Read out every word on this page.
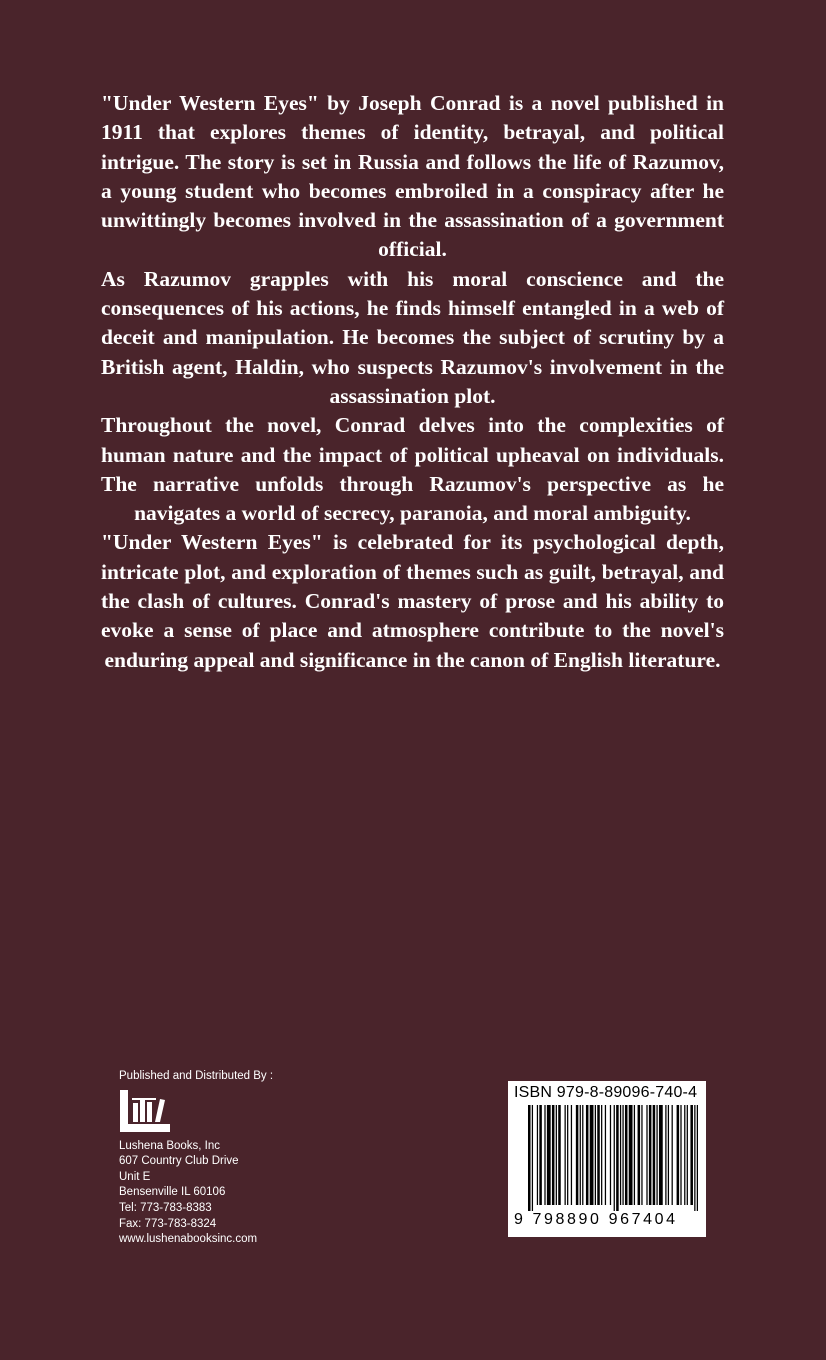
"Under Western Eyes" by Joseph Conrad is a novel published in 1911 that explores themes of identity, betrayal, and political intrigue. The story is set in Russia and follows the life of Razumov, a young student who becomes embroiled in a conspiracy after he unwittingly becomes involved in the assassination of a government official.

As Razumov grapples with his moral conscience and the consequences of his actions, he finds himself entangled in a web of deceit and manipulation. He becomes the subject of scrutiny by a British agent, Haldin, who suspects Razumov's involvement in the assassination plot.

Throughout the novel, Conrad delves into the complexities of human nature and the impact of political upheaval on individuals. The narrative unfolds through Razumov's perspective as he navigates a world of secrecy, paranoia, and moral ambiguity.

"Under Western Eyes" is celebrated for its psychological depth, intricate plot, and exploration of themes such as guilt, betrayal, and the clash of cultures. Conrad's mastery of prose and his ability to evoke a sense of place and atmosphere contribute to the novel's enduring appeal and significance in the canon of English literature.

Published and Distributed By :
Lushena Books, Inc
607 Country Club Drive
Unit E
Bensenville IL 60106
Tel: 773-783-8383
Fax: 773-783-8324
www.lushenabooksinc.com
ISBN 979-8-89096-740-4
9 798890 967404
